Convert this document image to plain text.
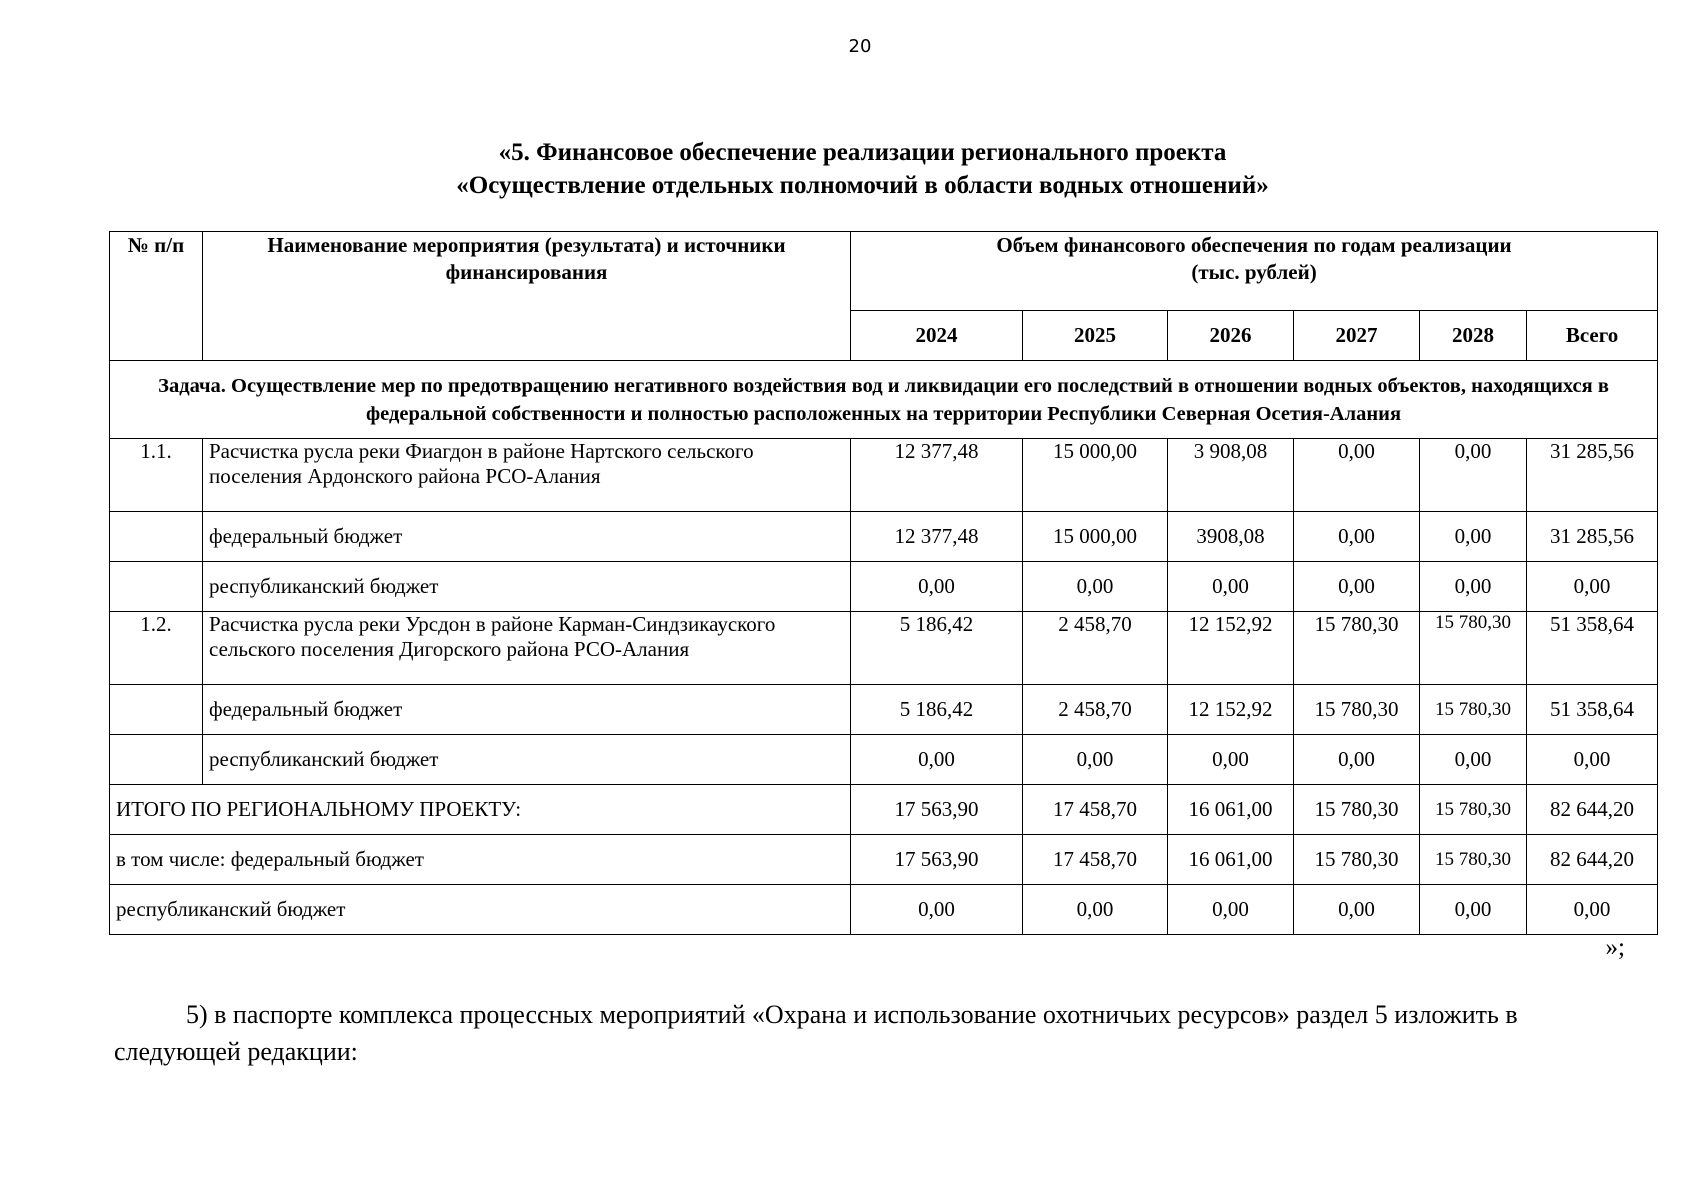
20
«5. Финансовое обеспечение реализации регионального проекта
«Осуществление отдельных полномочий в области водных отношений»
№ п/п	Наименование мероприятия (результата) и источники финансирования	Объем финансового обеспечения по годам реализации
(тыс. рублей)					

		2024	2025	2026	2027	2028	Всего
Задача. Осуществление мер по предотвращению негативного воздействия вод и ликвидации его последствий в отношении водных объектов, находящихся в федеральной собственности и полностью расположенных на территории Республики Северная Осетия-Алания							
1.1.	Расчистка русла реки Фиагдон в районе Нартского сельского поселения Ардонского района РСО-Алания	12 377,48	15 000,00	3 908,08	0,00	0,00	31 285,56
	федеральный бюджет	12 377,48	15 000,00	3908,08	0,00	0,00	31 285,56
	республиканский бюджет	0,00	0,00	0,00	0,00	0,00	0,00
1.2.	Расчистка русла реки Урсдон в районе Карман-Синдзикауского сельского поселения Дигорского района РСО-Алания	5 186,42	2 458,70	12 152,92	15 780,30	15 780,30	51 358,64
	федеральный бюджет	5 186,42	2 458,70	12 152,92	15 780,30	15 780,30	51 358,64
	республиканский бюджет	0,00	0,00	0,00	0,00	0,00	0,00
ИТОГО ПО РЕГИОНАЛЬНОМУ ПРОЕКТУ:		17 563,90	17 458,70	16 061,00	15 780,30	15 780,30	82 644,20
в том числе: федеральный бюджет		17 563,90	17 458,70	16 061,00	15 780,30	15 780,30	82 644,20
республиканский бюджет		0,00	0,00	0,00	0,00	0,00	0,00
»;
5) в паспорте комплекса процессных мероприятий «Охрана и использование охотничьих ресурсов» раздел 5 изложить в следующей редакции:
